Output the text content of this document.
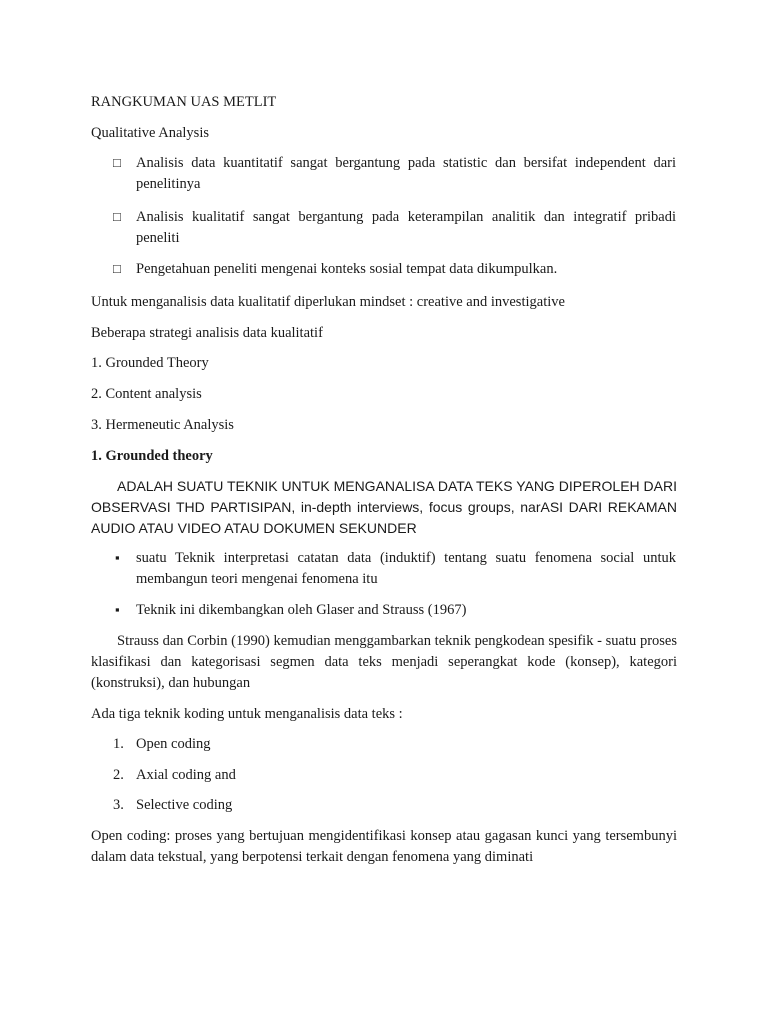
RANGKUMAN UAS METLIT
Qualitative Analysis
□ Analisis data kuantitatif sangat bergantung pada statistic dan bersifat independent dari penelitinya
□ Analisis kualitatif sangat bergantung pada keterampilan analitik dan integratif pribadi peneliti
□ Pengetahuan peneliti mengenai konteks sosial tempat data dikumpulkan.
Untuk menganalisis data kualitatif diperlukan mindset : creative and investigative
Beberapa strategi analisis data kualitatif
1. Grounded Theory
2. Content analysis
3. Hermeneutic Analysis
1. Grounded theory
ADALAH SUATU TEKNIK UNTUK MENGANALISA DATA TEKS YANG DIPEROLEH DARI OBSERVASI THD PARTISIPAN, in-depth interviews, focus groups, narASI DARI REKAMAN AUDIO ATAU VIDEO ATAU DOKUMEN SEKUNDER
▪ suatu Teknik interpretasi catatan data (induktif) tentang suatu fenomena social untuk membangun teori mengenai fenomena itu
▪ Teknik ini dikembangkan oleh Glaser and Strauss (1967)
Strauss dan Corbin (1990) kemudian menggambarkan teknik pengkodean spesifik - suatu proses klasifikasi dan kategorisasi segmen data teks menjadi seperangkat kode (konsep), kategori (konstruksi), dan hubungan
Ada tiga teknik koding untuk menganalisis data teks :
1. Open coding
2. Axial coding and
3. Selective coding
Open coding: proses yang bertujuan mengidentifikasi konsep atau gagasan kunci yang tersembunyi dalam data tekstual, yang berpotensi terkait dengan fenomena yang diminati
